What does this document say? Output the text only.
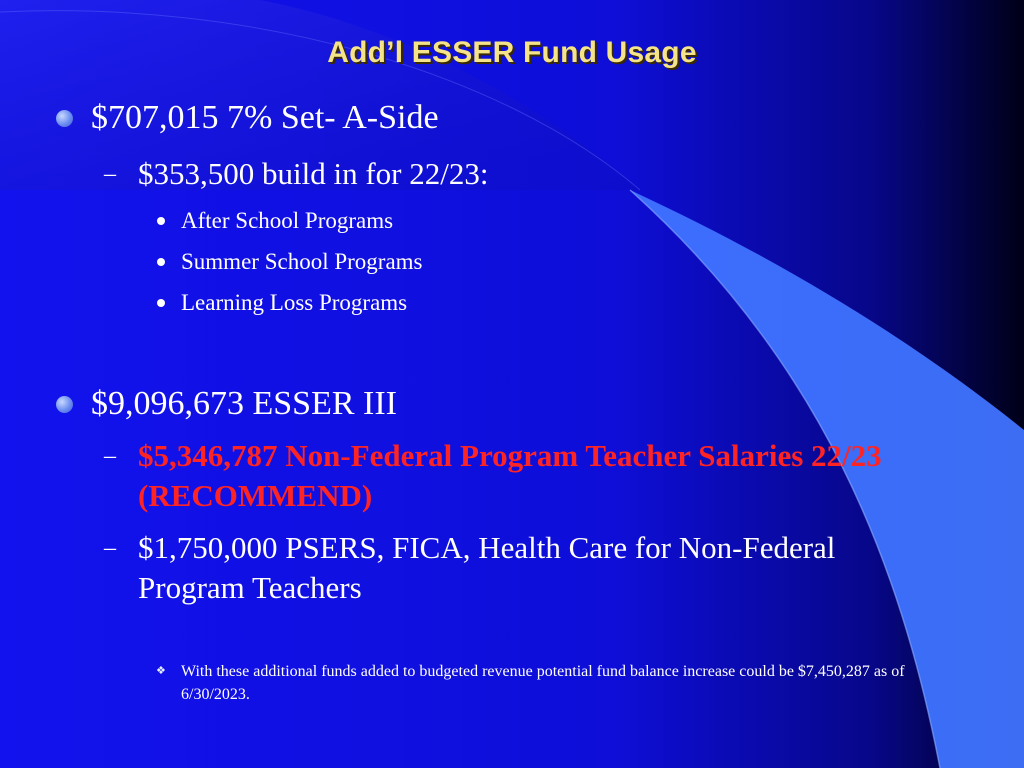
Add’l ESSER Fund Usage
$707,015 7% Set- A-Side
– $353,500 build in for 22/23:
After School Programs
Summer School Programs
Learning Loss Programs
$9,096,673 ESSER III
– $5,346,787 Non-Federal Program Teacher Salaries 22/23 (RECOMMEND)
– $1,750,000 PSERS, FICA, Health Care for Non-Federal Program Teachers
❖ With these additional funds added to budgeted revenue potential fund balance increase could be $7,450,287 as of 6/30/2023.
